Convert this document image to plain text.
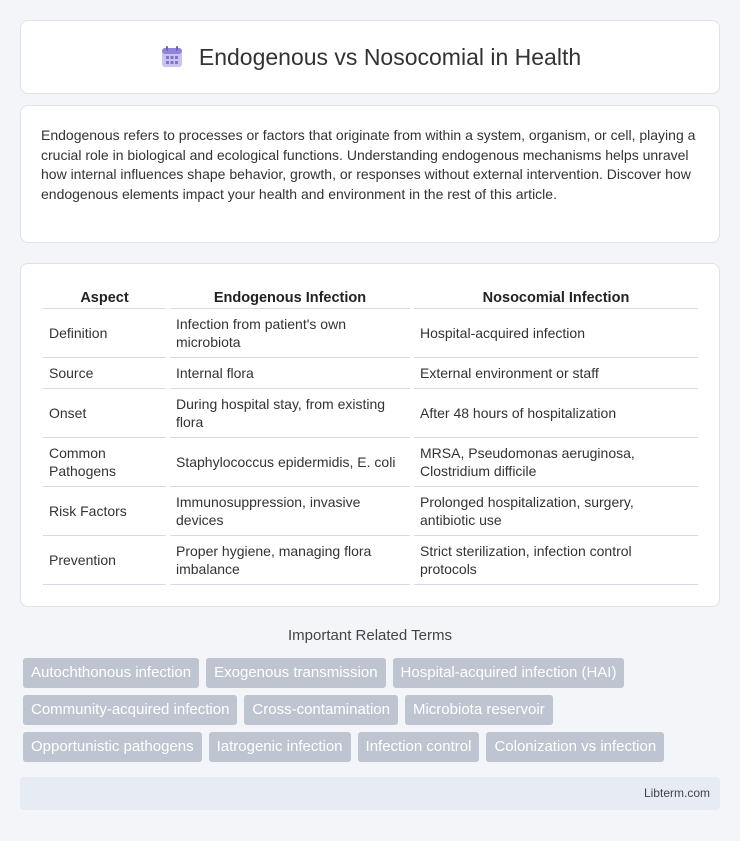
Endogenous vs Nosocomial in Health

Endogenous refers to processes or factors that originate from within a system, organism, or cell, playing a crucial role in biological and ecological functions. Understanding endogenous mechanisms helps unravel how internal influences shape behavior, growth, or responses without external intervention. Discover how endogenous elements impact your health and environment in the rest of this article.

Aspect	Endogenous Infection	Nosocomial Infection
Definition	Infection from patient's own microbiota	Hospital-acquired infection
Source	Internal flora	External environment or staff
Onset	During hospital stay, from existing flora	After 48 hours of hospitalization
Common Pathogens	Staphylococcus epidermidis, E. coli	MRSA, Pseudomonas aeruginosa, Clostridium difficile
Risk Factors	Immunosuppression, invasive devices	Prolonged hospitalization, surgery, antibiotic use
Prevention	Proper hygiene, managing flora imbalance	Strict sterilization, infection control protocols
Important Related Terms
Autochthonous infection	Exogenous transmission	Hospital-acquired infection (HAI)
Community-acquired infection	Cross-contamination	Microbiota reservoir
Opportunistic pathogens	Iatrogenic infection	Infection control	Colonization vs infection
Libterm.com
